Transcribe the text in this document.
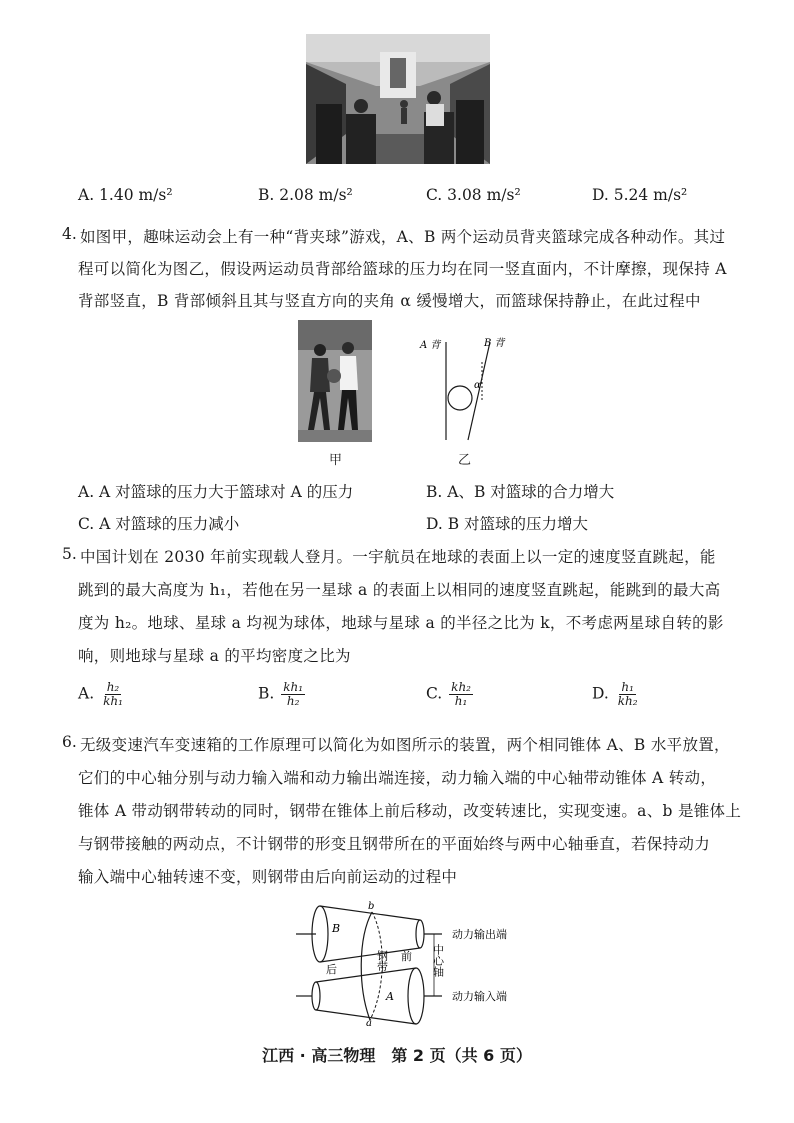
A. 1.40 m/s²	B. 2.08 m/s²	C. 3.08 m/s²	D. 5.24 m/s²
4. 如图甲，趣味运动会上有一种“背夹球”游戏，A、B 两个运动员背夹篮球完成各种动作。其过
程可以简化为图乙，假设两运动员背部给篮球的压力均在同一竖直面内，不计摩擦，现保持 A
背部竖直，B 背部倾斜且其与竖直方向的夹角 α 缓慢增大，而篮球保持静止，在此过程中
甲
A 背	B 背
α
乙
A. A 对篮球的压力大于篮球对 A 的压力	B. A、B 对篮球的合力增大
C. A 对篮球的压力减小	D. B 对篮球的压力增大
5. 中国计划在 2030 年前实现载人登月。一宇航员在地球的表面上以一定的速度竖直跳起，能
跳到的最大高度为 h₁，若他在另一星球 a 的表面上以相同的速度竖直跳起，能跳到的最大高
度为 h₂。地球、星球 a 均视为球体，地球与星球 a 的半径之比为 k，不考虑两星球自转的影
响，则地球与星球 a 的平均密度之比为
A. $\frac{\text{h₂}}{\text{kh₁}}$	B. $\frac{\text{kh₁}}{\text{h₂}}$	C. $\frac{\text{kh₂}}{\text{h₁}}$	D. $\frac{\text{h₁}}{\text{kh₂}}$
6. 无级变速汽车变速箱的工作原理可以简化为如图所示的装置，两个相同锥体 A、B 水平放置，
它们的中心轴分别与动力输入端和动力输出端连接，动力输入端的中心轴带动锥体 A 转动，
锥体 A 带动钢带转动的同时，钢带在锥体上前后移动，改变转速比，实现变速。a、b 是锥体上
与钢带接触的两动点，不计钢带的形变且钢带所在的平面始终与两中心轴垂直，若保持动力
输入端中心轴转速不变，则钢带由后向前运动的过程中
B
A
b
a
后
前
钢带	中心轴
动力输出端
动力输入端
江西 · 高三物理　第 2 页（共 6 页）
